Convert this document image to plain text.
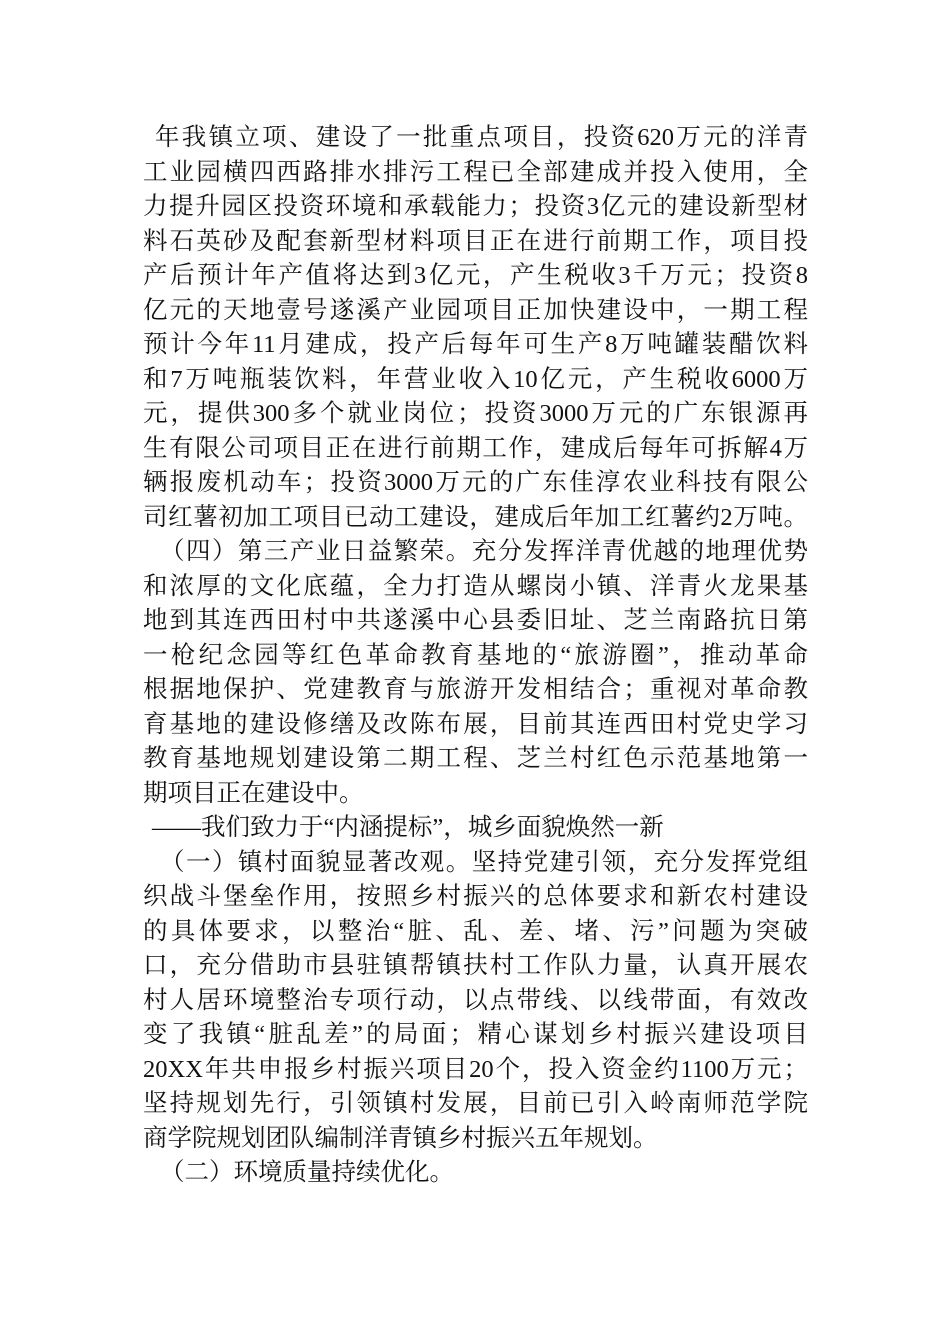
年我镇立项、建设了一批重点项目，投资620万元的洋青
工业园横四西路排水排污工程已全部建成并投入使用，全
力提升园区投资环境和承载能力；投资3亿元的建设新型材
料石英砂及配套新型材料项目正在进行前期工作，项目投
产后预计年产值将达到3亿元，产生税收3千万元；投资8
亿元的天地壹号遂溪产业园项目正加快建设中，一期工程
预计今年11月建成，投产后每年可生产8万吨罐装醋饮料
和7万吨瓶装饮料，年营业收入10亿元，产生税收6000万
元，提供300多个就业岗位；投资3000万元的广东银源再
生有限公司项目正在进行前期工作，建成后每年可拆解4万
辆报废机动车；投资3000万元的广东佳淳农业科技有限公
司红薯初加工项目已动工建设，建成后年加工红薯约2万吨。
（四）第三产业日益繁荣。充分发挥洋青优越的地理优势
和浓厚的文化底蕴，全力打造从螺岗小镇、洋青火龙果基
地到其连西田村中共遂溪中心县委旧址、芝兰南路抗日第
一枪纪念园等红色革命教育基地的“旅游圈”，推动革命
根据地保护、党建教育与旅游开发相结合；重视对革命教
育基地的建设修缮及改陈布展，目前其连西田村党史学习
教育基地规划建设第二期工程、芝兰村红色示范基地第一
期项目正在建设中。
——我们致力于“内涵提标”，城乡面貌焕然一新
（一）镇村面貌显著改观。坚持党建引领，充分发挥党组
织战斗堡垒作用，按照乡村振兴的总体要求和新农村建设
的具体要求，以整治“脏、乱、差、堵、污”问题为突破
口，充分借助市县驻镇帮镇扶村工作队力量，认真开展农
村人居环境整治专项行动，以点带线、以线带面，有效改
变了我镇“脏乱差”的局面；精心谋划乡村振兴建设项目
20XX年共申报乡村振兴项目20个，投入资金约1100万元；
坚持规划先行，引领镇村发展，目前已引入岭南师范学院
商学院规划团队编制洋青镇乡村振兴五年规划。
（二）环境质量持续优化。
